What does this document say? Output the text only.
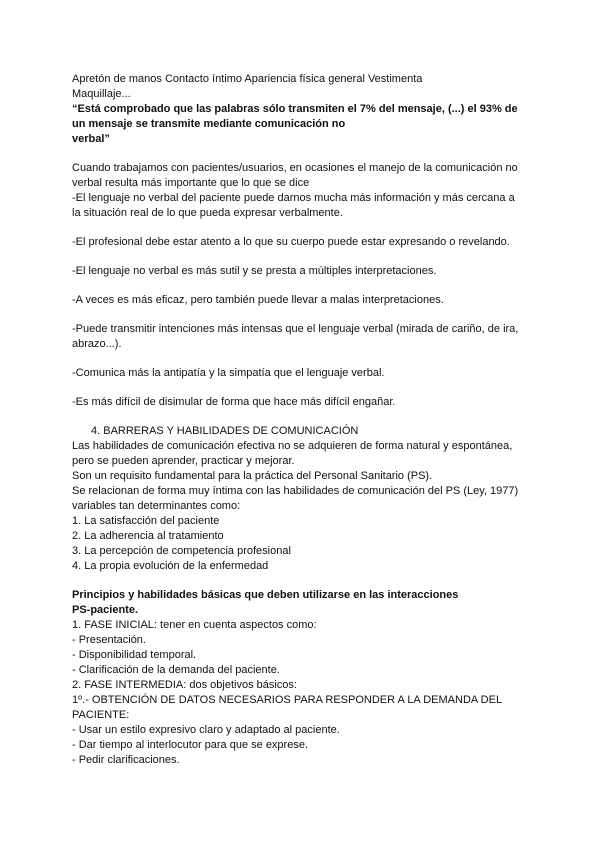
Apretón de manos Contacto íntimo Apariencia física general Vestimenta
Maquillaje...
“Está comprobado que las palabras sólo transmiten el 7% del mensaje, (...) el 93% de
un mensaje se transmite mediante comunicación no
verbal”
Cuando trabajamos con pacientes/usuarios, en ocasiones el manejo de la comunicación no
verbal resulta más importante que lo que se dice
-El lenguaje no verbal del paciente puede darnos mucha más información y más cercana a
la situación real de lo que pueda expresar verbalmente.
-El profesional debe estar atento a lo que su cuerpo puede estar expresando o revelando.
-El lenguaje no verbal es más sutil y se presta a múltiples interpretaciones.
-A veces es más eficaz, pero también puede llevar a malas interpretaciones.
-Puede transmitir intenciones más intensas que el lenguaje verbal (mirada de cariño, de ira,
abrazo...).
-Comunica más la antipatía y la simpatía que el lenguaje verbal.
-Es más difícil de disimular de forma que hace más difícil engañar.
4. BARRERAS Y HABILIDADES DE COMUNICACIÓN
Las habilidades de comunicación efectiva no se adquieren de forma natural y espontánea,
pero se pueden aprender, practicar y mejorar.
Son un requisito fundamental para la práctica del Personal Sanitario (PS).
Se relacionan de forma muy íntima con las habilidades de comunicación del PS (Ley, 1977)
variables tan determinantes como:
1. La satisfacción del paciente
2. La adherencia al tratamiento
3. La percepción de competencia profesional
4. La propia evolución de la enfermedad
Principios y habilidades básicas que deben utilizarse en las interacciones
PS-paciente.
1. FASE INICIAL: tener en cuenta aspectos como:
- Presentación.
- Disponibilidad temporal.
- Clarificación de la demanda del paciente.
2. FASE INTERMEDIA: dos objetivos básicos:
1º.- OBTENCIÓN DE DATOS NECESARIOS PARA RESPONDER A LA DEMANDA DEL
PACIENTE:
- Usar un estilo expresivo claro y adaptado al paciente.
- Dar tiempo al interlocutor para que se exprese.
- Pedir clarificaciones.
